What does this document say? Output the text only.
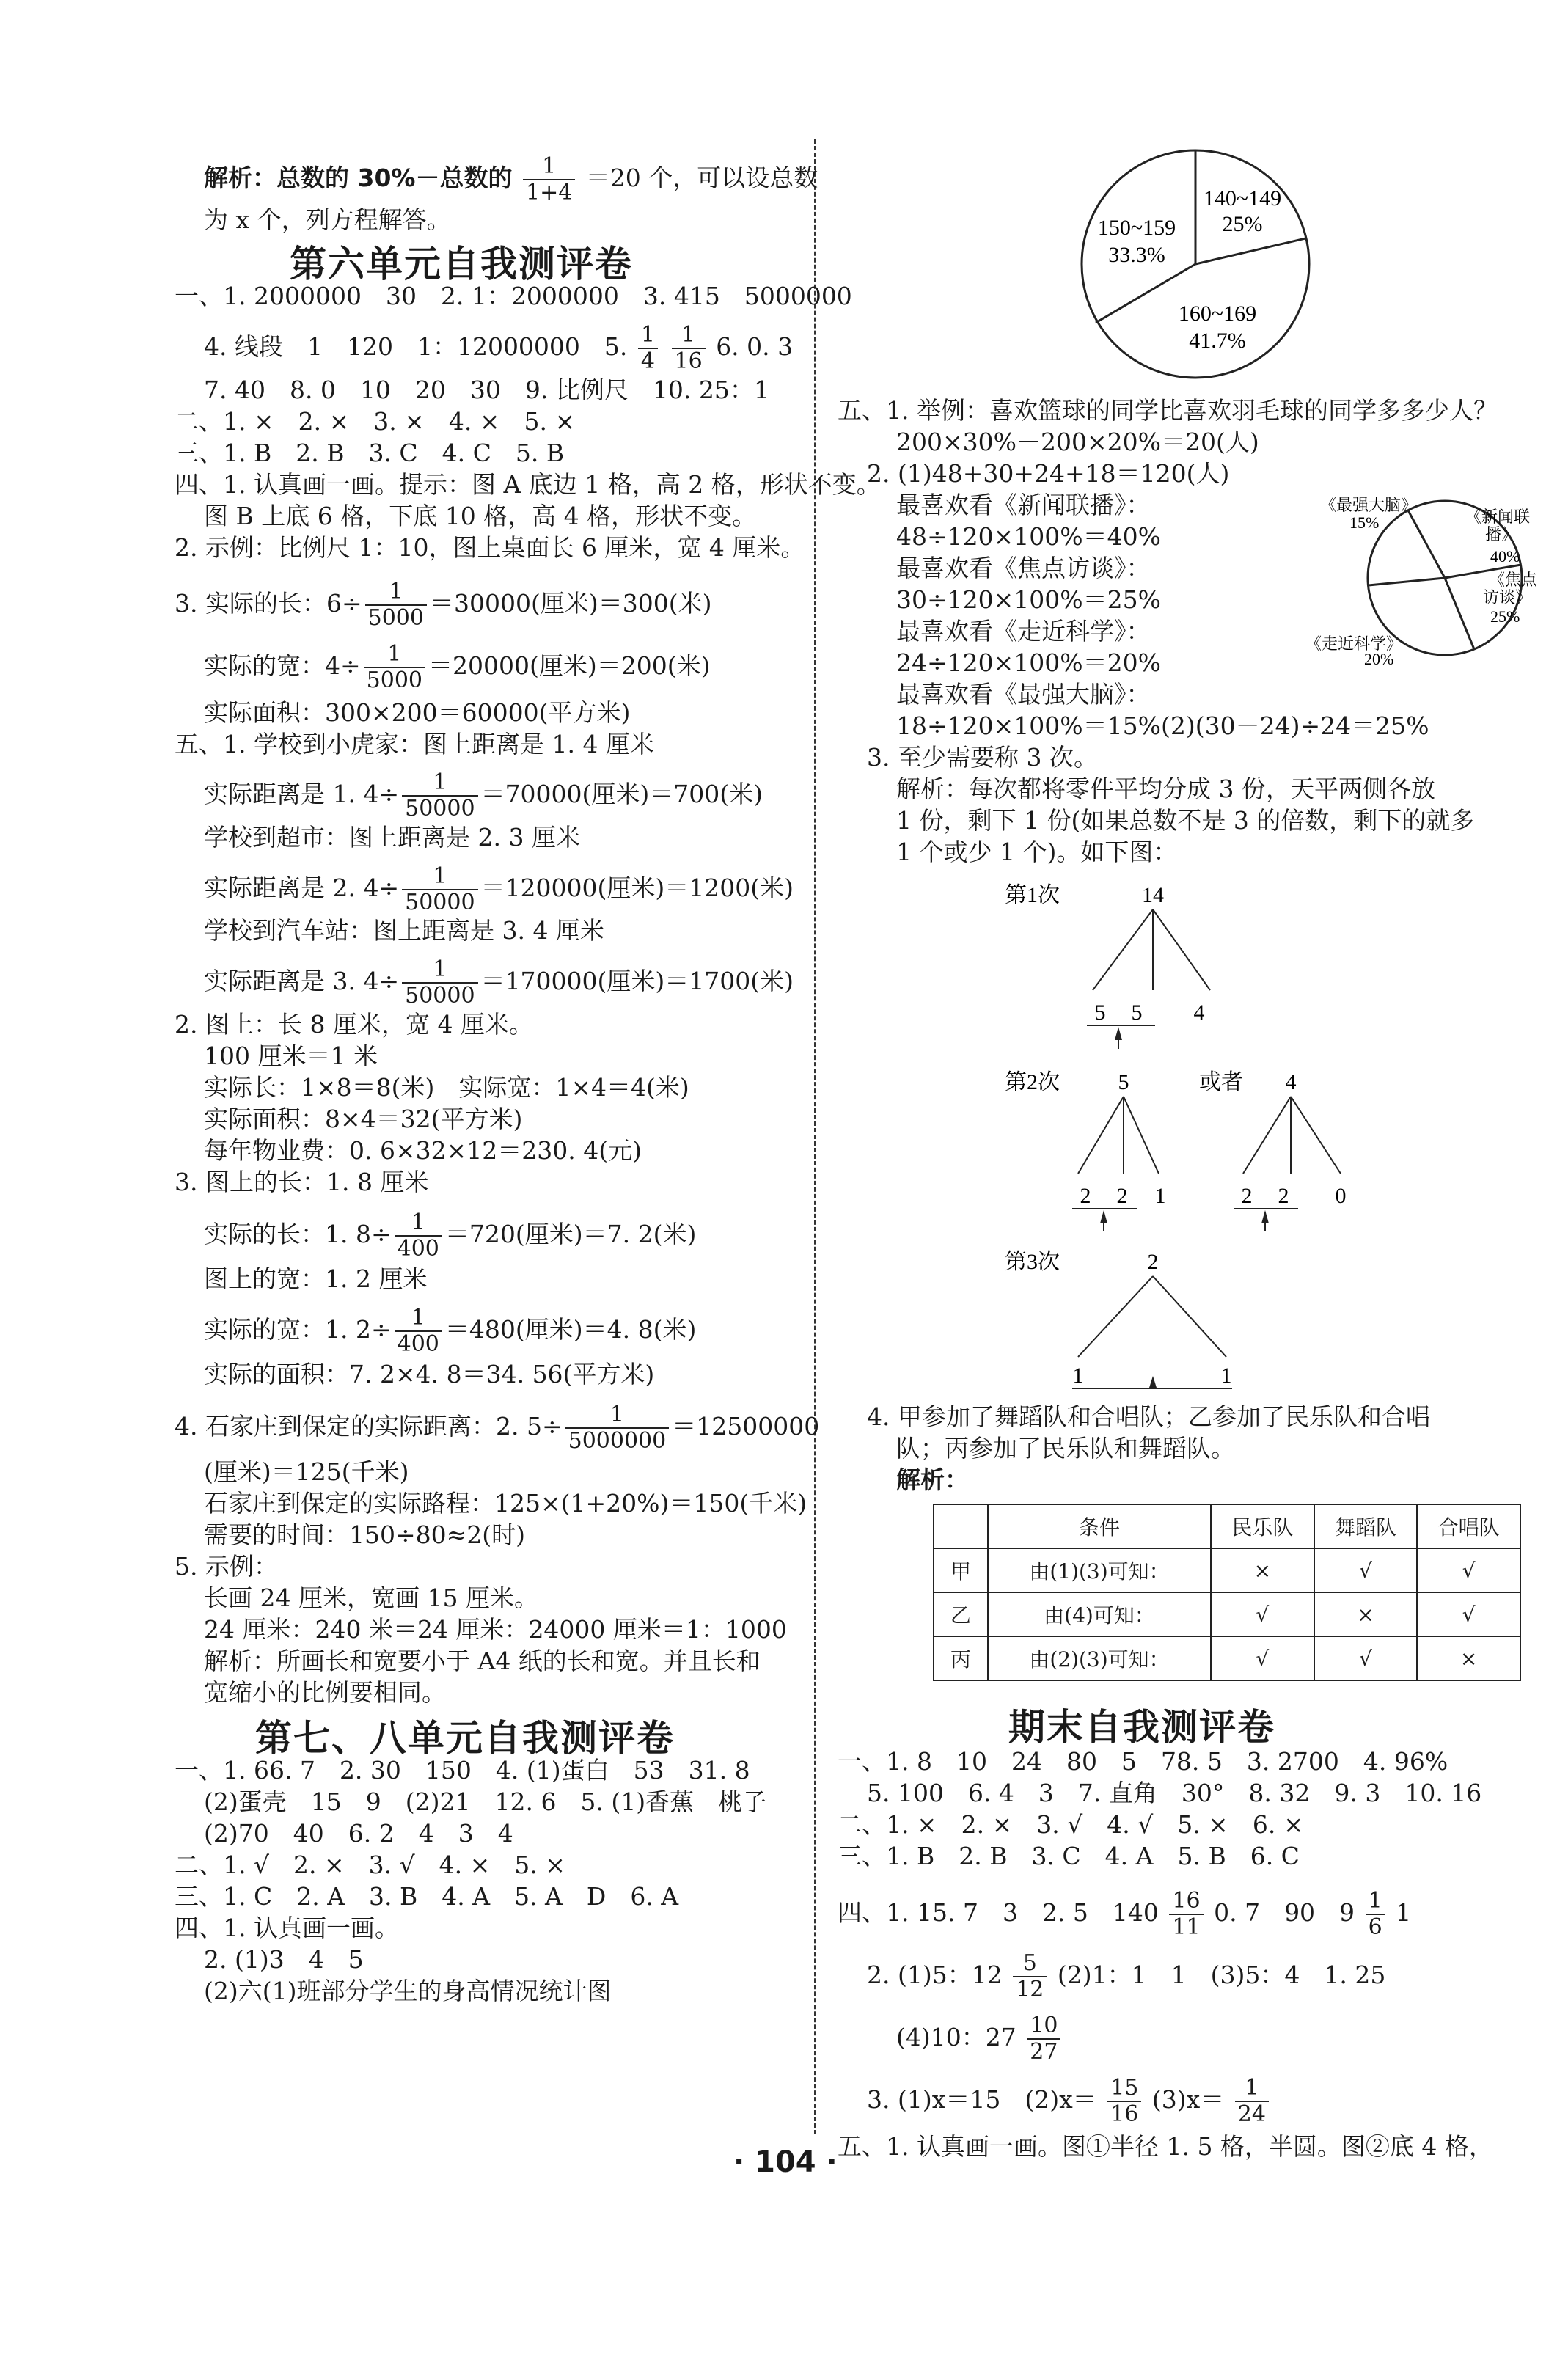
解析：总数的 30%－总数的 $\frac{1}{1+4} =20$ 个，可以设总数
为 x 个，列方程解答。
第六单元自我测评卷
一、1. 2000000　30　2. 1：2000000　3. 415　5000000
4. 线段　1　120　1：12000000　5. $\frac{1}{4}$
$\frac{1}{16} 6$. 0. 3
7. 40　8. 0　10　20　30　9. 比例尺　10. 25：1
二、1. ×　2. ×　3. ×　4. ×　5. ×
三、1. B　2. B　3. C　4. C　5. B
四、1. 认真画一画。提示：图 A 底边 1 格，高 2 格，形状不变。
图 B 上底 6 格，下底 10 格，高 4 格，形状不变。
2. 示例：比例尺 1：10，图上桌面长 6 厘米，宽 4 厘米。
3. 实际的长：$6\div \frac{1}{5000} =30000$(厘米)＝300(米)
实际的宽：$4\div \frac{1}{5000} =20000$(厘米)＝200(米)
实际面积：300×200＝60000(平方米)
五、1. 学校到小虎家：图上距离是 1. 4 厘米
实际距离是 1. $4\div \frac{1}{50000} =70000$(厘米)＝700(米)
学校到超市：图上距离是 2. 3 厘米
实际距离是 2. $4\div \frac{1}{50000} =120000$(厘米)＝1200(米)
学校到汽车站：图上距离是 3. 4 厘米
实际距离是 3. $4\div \frac{1}{50000} =170000$(厘米)＝1700(米)
2. 图上：长 8 厘米，宽 4 厘米。
100 厘米＝1 米
实际长：1×8＝8(米)　实际宽：1×4＝4(米)
实际面积：8×4＝32(平方米)
每年物业费：0. 6×32×12＝230. 4(元)
3. 图上的长：1. 8 厘米
实际的长：1. $8\div \frac{1}{400} =720$(厘米)＝7. 2(米)
图上的宽：1. 2 厘米
实际的宽：1. $2\div \frac{1}{400} =480$(厘米)＝4. 8(米)
实际的面积：7. 2×4. 8＝34. 56(平方米)
4. 石家庄到保定的实际距离：2. $5\div \frac{1}{5000000} =12500000$
(厘米)＝125(千米)
石家庄到保定的实际路程：125×(1+20%)＝150(千米)
需要的时间：150÷80≈2(时)
5. 示例：
长画 24 厘米，宽画 15 厘米。
24 厘米：240 米＝24 厘米：24000 厘米＝1：1000
解析：所画长和宽要小于 A4 纸的长和宽。并且长和
宽缩小的比例要相同。
第七、八单元自我测评卷
一、1. 66. 7　2. 30　150　4. (1)蛋白　53　31. 8
(2)蛋壳　15　9　(2)21　12. 6　5. (1)香蕉　桃子
(2)70　40　6. 2　4　3　4
二、1. √　2. ×　3. √　4. ×　5. ×
三、1. C　2. A　3. B　4. A　5. A　D　6. A
四、1. 认真画一画。
2. (1)3　4　5
(2)六(1)班部分学生的身高情况统计图
140~149
25%
150~159
33.3%
160~169
41.7%
五、1. 举例：喜欢篮球的同学比喜欢羽毛球的同学多多少人？
200×30%－200×20%＝20(人)
2. (1)48+30+24+18＝120(人)
最喜欢看《新闻联播》：
48÷120×100%＝40%
最喜欢看《焦点访谈》：
30÷120×100%＝25%
最喜欢看《走近科学》：
24÷120×100%＝20%
最喜欢看《最强大脑》：
18÷120×100%＝15%(2)(30－24)÷24＝25%
3. 至少需要称 3 次。
解析：每次都将零件平均分成 3 份，天平两侧各放
1 份，剩下 1 份(如果总数不是 3 的倍数，剩下的就多
1 个或少 1 个)。如下图：
《最强大脑》
15%	《新闻联
播》
40%
《焦点
访谈》
25%
《走近科学》
20%
第1次	14
5 5 4
第2次	5
2 2 1
或者 4
2 2 0
第3次	2
1	1
4. 甲参加了舞蹈队和合唱队；乙参加了民乐队和合唱
队；丙参加了民乐队和舞蹈队。
解析：
	条件	民乐队	舞蹈队	合唱队
甲	由(1)(3)可知：	×	√	√
乙	由(4)可知：	√	×	√
丙	由(2)(3)可知：	√	√	×
期末自我测评卷
一、1. 8　10　24　80　5　78. 5　3. 2700　4. 96%
5. 100　6. 4　3　7. 直角　30°　8. 32　9. 3　10. 16
二、1. ×　2. ×　3. √　4. √　5. ×　6. ×
三、1. B　2. B　3. C　4. A　5. B　6. C
四、1. 15. 7　3　2. 5　$140 \frac{16}{11} 0$. 7　90　$9 \frac{1}{6} 1$
2. (1)5：$12 \frac{5}{12} (2)1$：1　1　(3)5：4　1. 25
(4)10：$27 \frac{10}{27}$
3. (1)x＝15　$(2)x= \frac{15}{16} (3)x= \frac{1}{24}$
五、1. 认真画一画。图①半径 1. 5 格，半圆。图②底 4 格，
· 104 ·
